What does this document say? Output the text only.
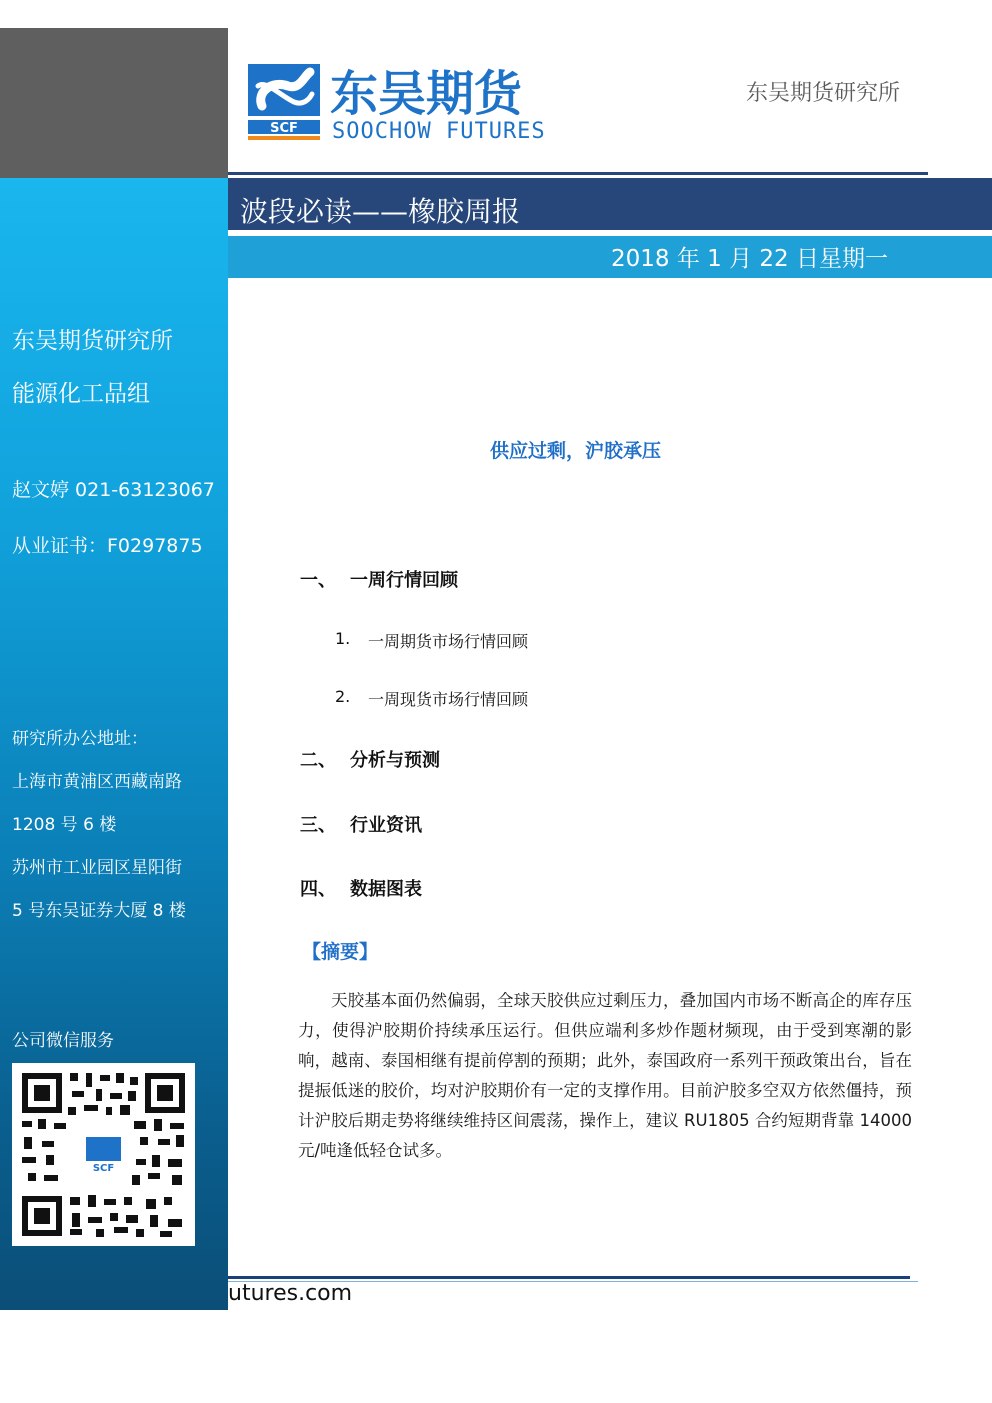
东吴期货研究所
能源化工品组
赵文婷 021-63123067
从业证书：F0297875
研究所办公地址：
上海市黄浦区西藏南路
1208 号 6 楼
苏州市工业园区星阳街
5 号东吴证券大厦 8 楼
公司微信服务
SCF
SCF
东吴期货
SOOCHOW FUTURES
东吴期货研究所
波段必读——橡胶周报
2018 年 1 月 22 日星期一
供应过剩，沪胶承压
一、 一周行情回顾
1. 一周期货市场行情回顾
2. 一周现货市场行情回顾
二、 分析与预测
三、 行业资讯
四、 数据图表
【摘要】
天胶基本面仍然偏弱，全球天胶供应过剩压力，叠加国内市场不断高企的库存压力，使得沪胶期价持续承压运行。但供应端利多炒作题材频现，由于受到寒潮的影响，越南、泰国相继有提前停割的预期；此外，泰国政府一系列干预政策出台，旨在提振低迷的胶价，均对沪胶期价有一定的支撑作用。目前沪胶多空双方依然僵持，预计沪胶后期走势将继续维持区间震荡，操作上，建议 RU1805 合约短期背靠 14000 元/吨逢低轻仓试多。
utures.com
